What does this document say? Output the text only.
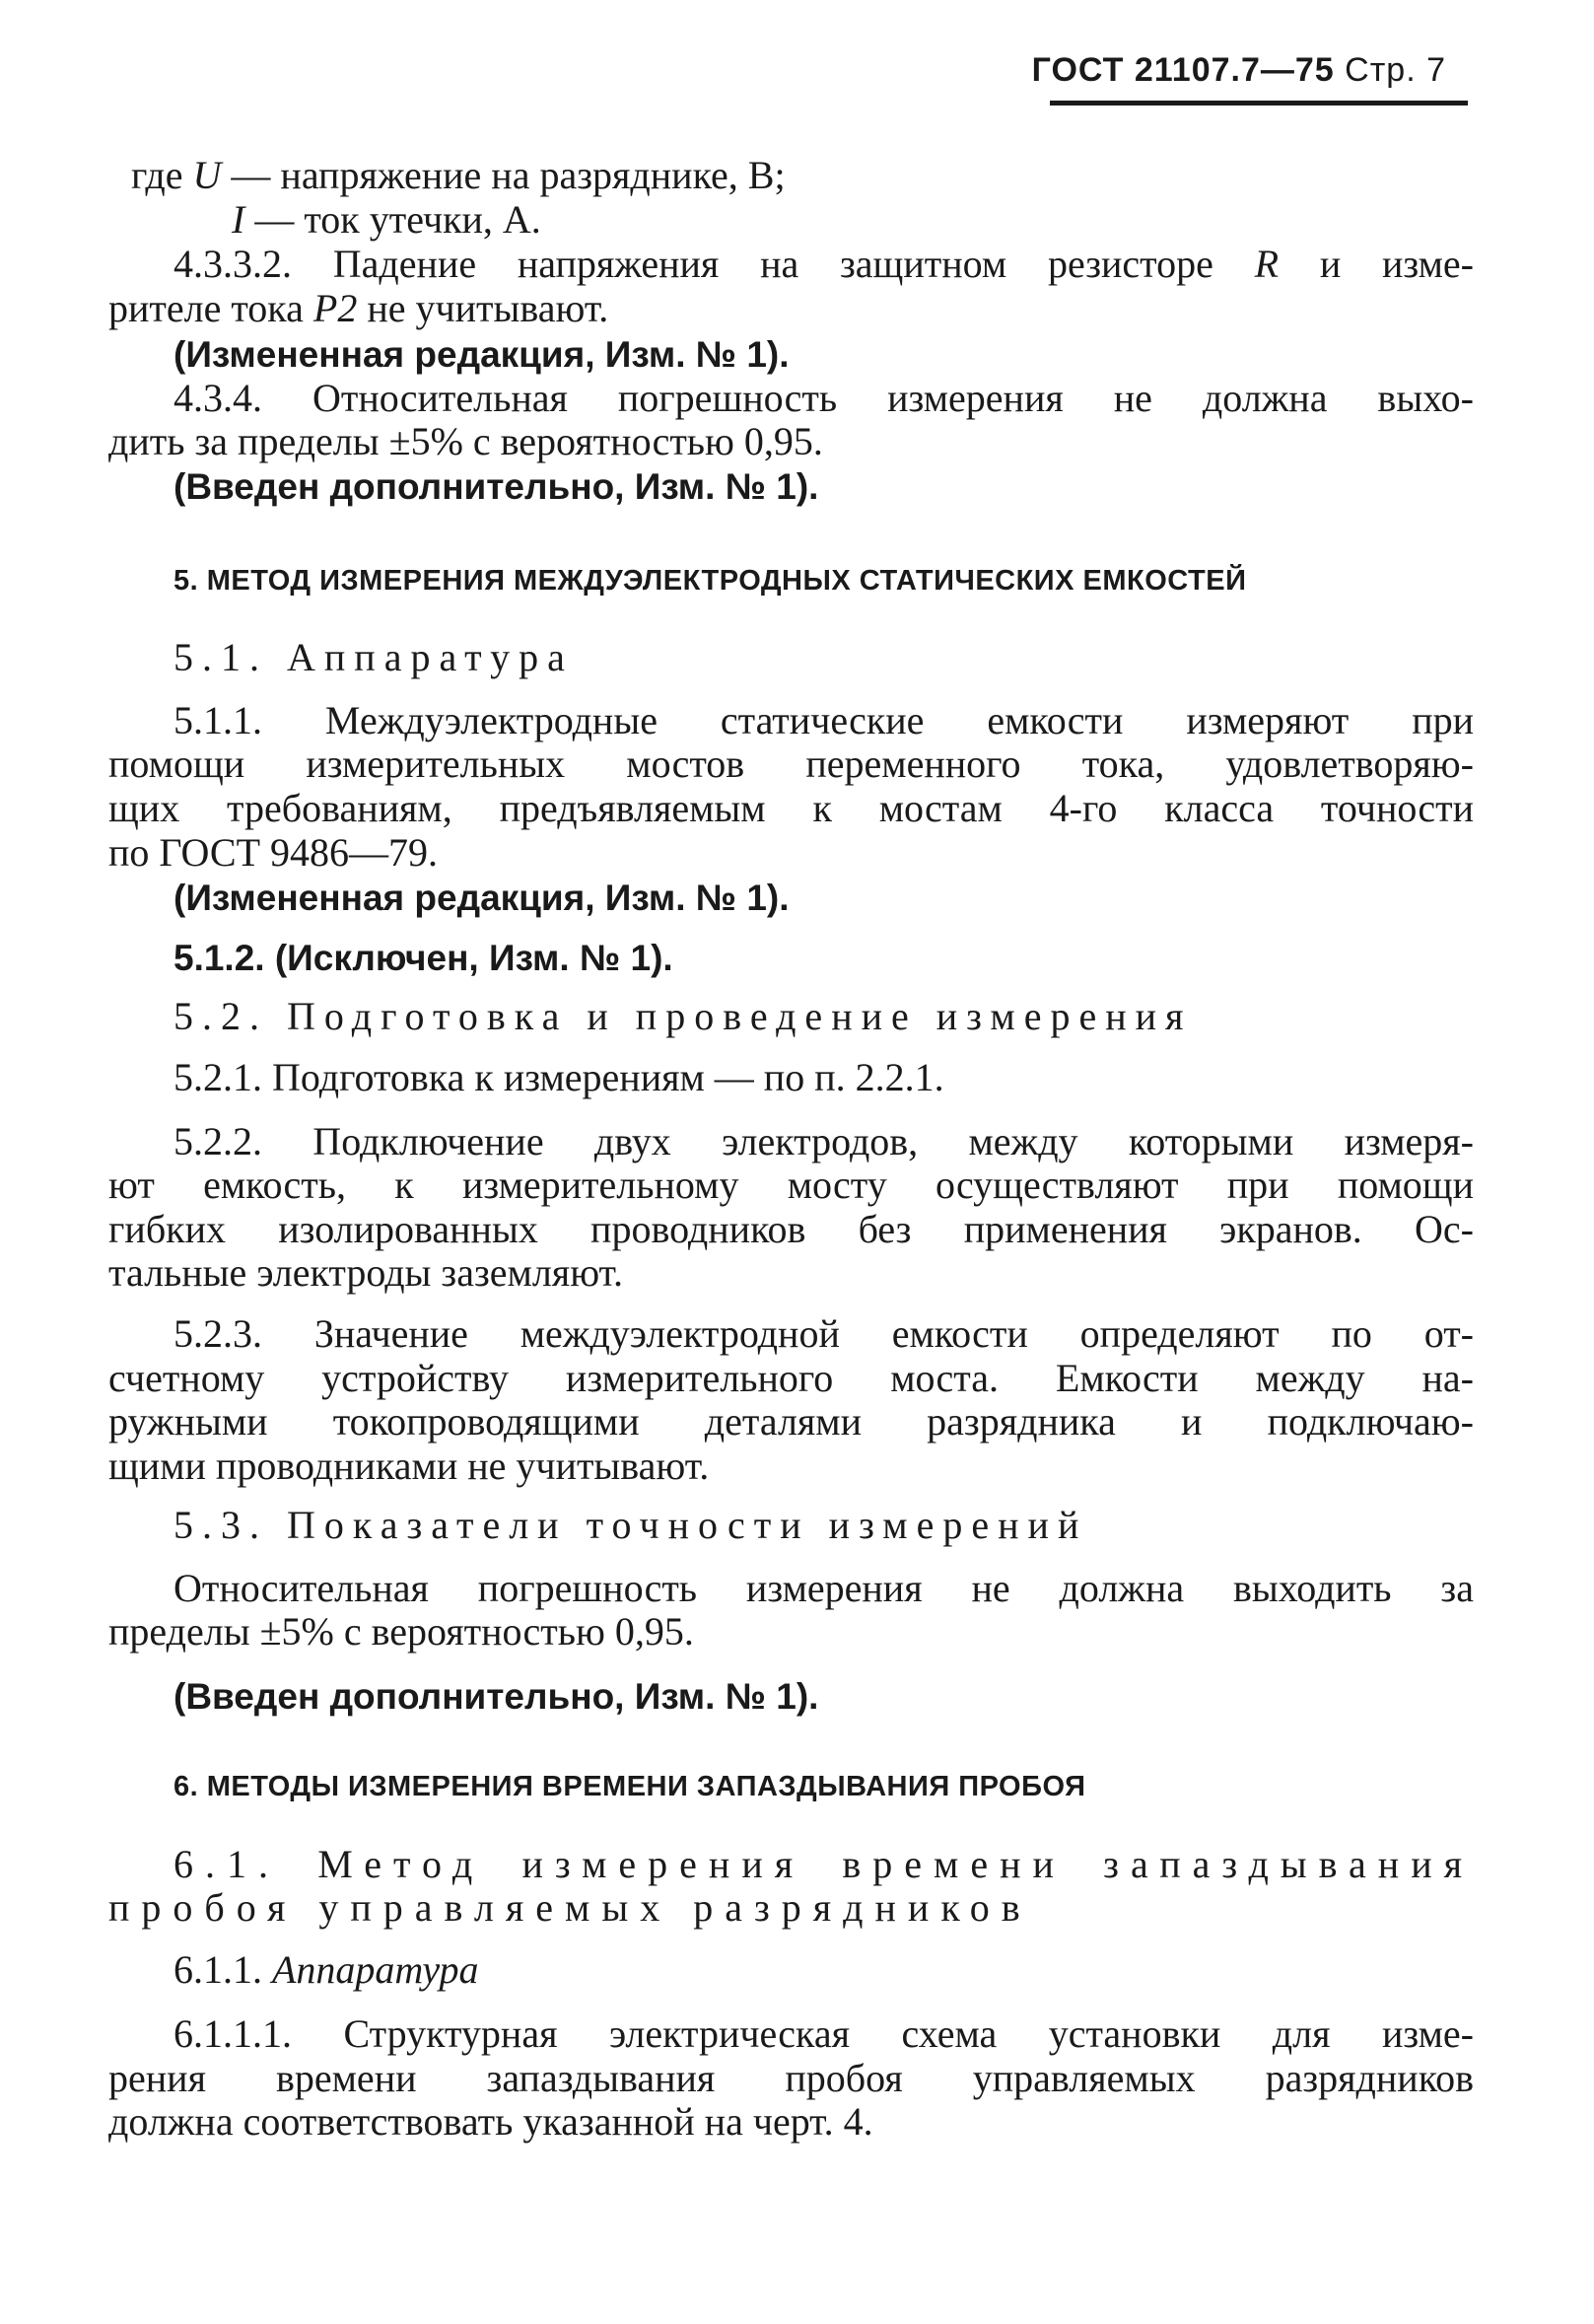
ГОСТ 21107.7—75 Стр. 7
где U — напряжение на разряднике, В;
I — ток утечки, А.
4.3.3.2. Падение напряжения на защитном резисторе R и изме-
рителе тока P2 не учитывают.
(Измененная редакция, Изм. № 1).
4.3.4. Относительная погрешность измерения не должна выхо-
дить за пределы ±5% с вероятностью 0,95.
(Введен дополнительно, Изм. № 1).
5. МЕТОД ИЗМЕРЕНИЯ МЕЖДУЭЛЕКТРОДНЫХ СТАТИЧЕСКИХ ЕМКОСТЕЙ
5.1. Аппаратура
5.1.1. Междуэлектродные статические емкости измеряют при
помощи измерительных мостов переменного тока, удовлетворяю-
щих требованиям, предъявляемым к мостам 4-го класса точности
по ГОСТ 9486—79.
(Измененная редакция, Изм. № 1).
5.1.2. (Исключен, Изм. № 1).
5.2. Подготовка и проведение измерения
5.2.1. Подготовка к измерениям — по п. 2.2.1.
5.2.2. Подключение двух электродов, между которыми измеря-
ют емкость, к измерительному мосту осуществляют при помощи
гибких изолированных проводников без применения экранов. Ос-
тальные электроды заземляют.
5.2.3. Значение междуэлектродной емкости определяют по от-
счетному устройству измерительного моста. Емкости между на-
ружными токопроводящими деталями разрядника и подключаю-
щими проводниками не учитывают.
5.3. Показатели точности измерений
Относительная погрешность измерения не должна выходить за
пределы ±5% с вероятностью 0,95.
(Введен дополнительно, Изм. № 1).
6. МЕТОДЫ ИЗМЕРЕНИЯ ВРЕМЕНИ ЗАПАЗДЫВАНИЯ ПРОБОЯ
6.1. Метод измерения времени запаздывания
пробоя управляемых разрядников
6.1.1. Аппаратура
6.1.1.1. Структурная электрическая схема установки для изме-
рения времени запаздывания пробоя управляемых разрядников
должна соответствовать указанной на черт. 4.
